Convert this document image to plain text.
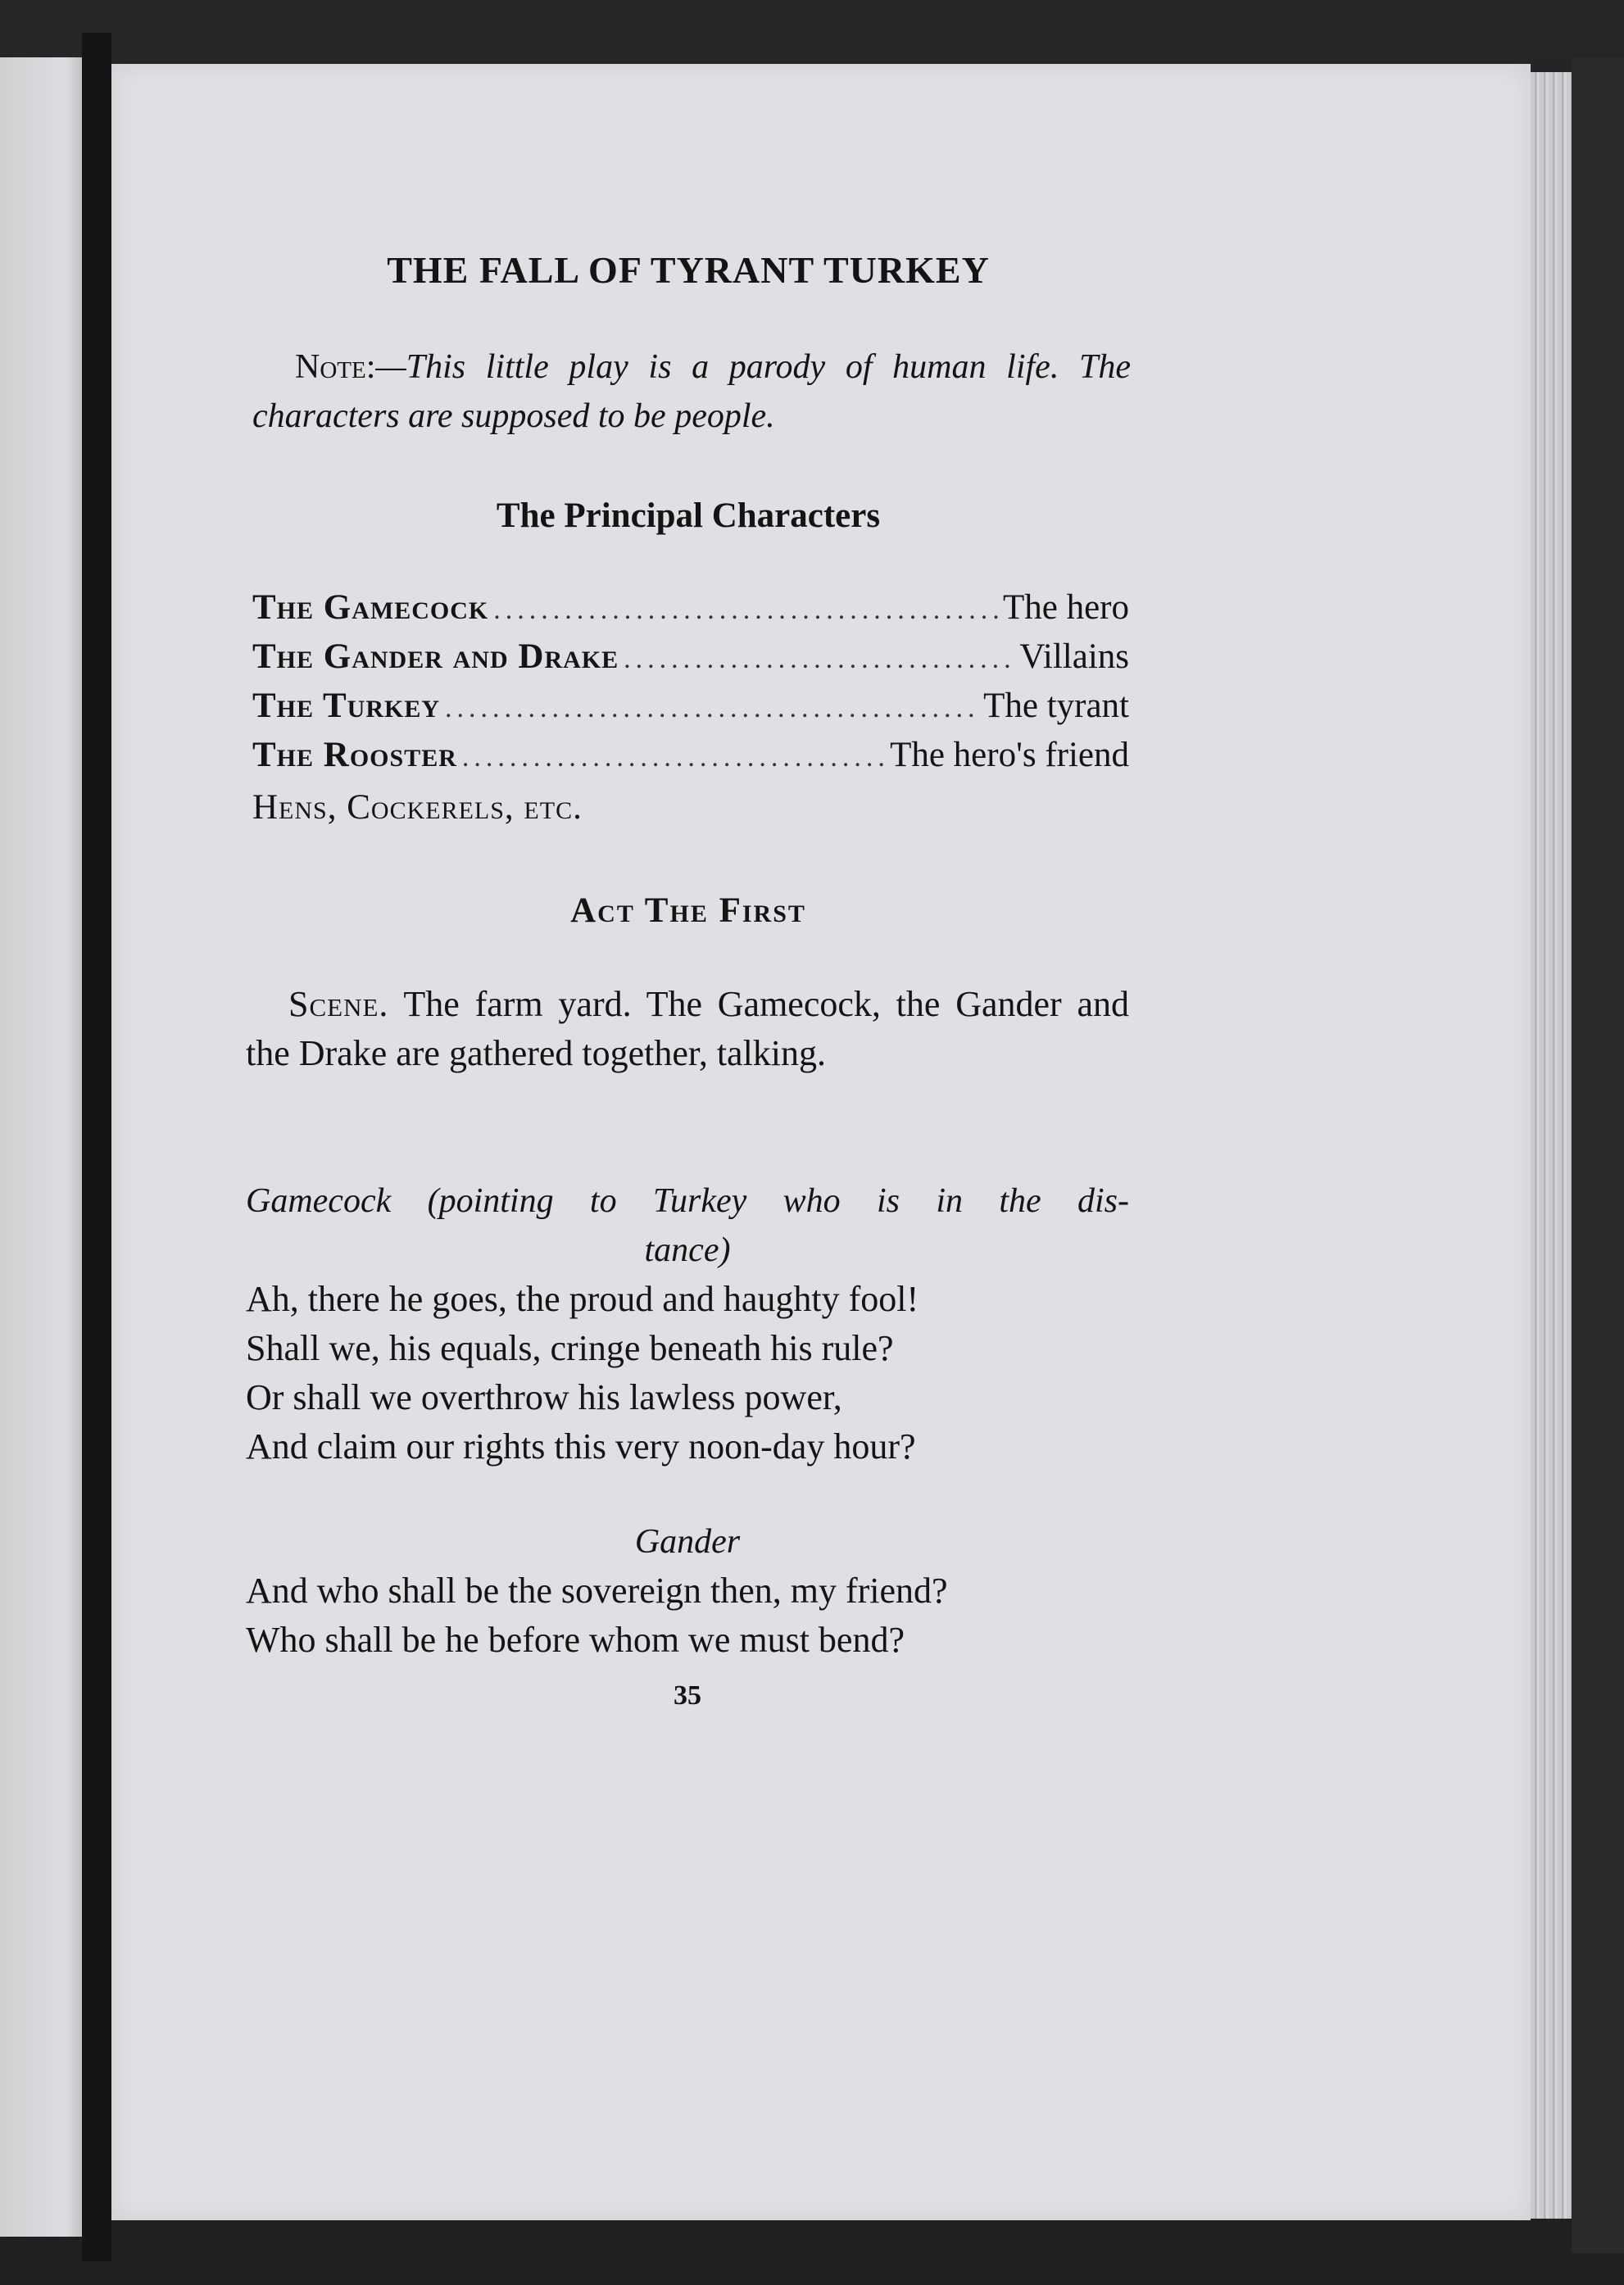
THE FALL OF TYRANT TURKEY

Note:—This little play is a parody of human life. The characters are supposed to be people.

The Principal Characters
The Gamecock .....	The hero
The Gander and Drake .....	Villains
The Turkey .....	The tyrant
The Rooster .....	The hero's friend

Hens, Cockerels, etc.

Act The First

Scene. The farm yard. The Gamecock, the Gander and the Drake are gathered together, talking.

Gamecock (pointing to Turkey who is in the dis-
tance)

Ah, there he goes, the proud and haughty fool!
Shall we, his equals, cringe beneath his rule?
Or shall we overthrow his lawless power,
And claim our rights this very noon-day hour?

Gander

And who shall be the sovereign then, my friend?
Who shall be he before whom we must bend?

35
